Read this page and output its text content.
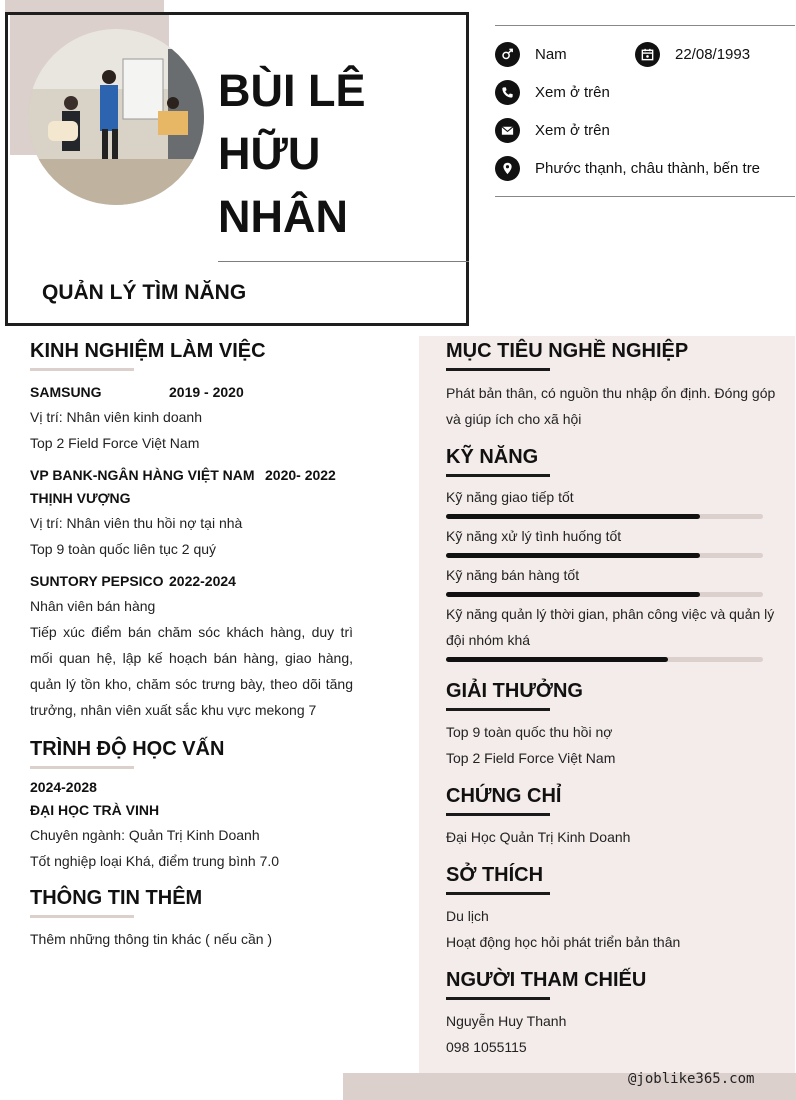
BÙI LÊ
HỮU
NHÂN
QUẢN LÝ TÌM NĂNG
Nam	22/08/1993
Xem ở trên
Xem ở trên
Phước thạnh, châu thành, bến tre
KINH NGHIỆM LÀM VIỆC
SAMSUNG	2019 - 2020
Vị trí: Nhân viên kinh doanh
Top 2 Field Force Việt Nam
VP BANK-NGÂN HÀNG VIỆT NAM THỊNH VƯỢNG
2020- 2022
Vị trí: Nhân viên thu hồi nợ tại nhà
Top 9 toàn quốc liên tục 2 quý
SUNTORY PEPSICO 2022-2024
Nhân viên bán hàng
Tiếp xúc điểm bán chăm sóc khách hàng, duy trì mối quan hệ, lập kế hoạch bán hàng, giao hàng, quản lý tồn kho, chăm sóc trưng bày, theo dõi tăng trưởng, nhân viên xuất sắc khu vực mekong 7
TRÌNH ĐỘ HỌC VẤN
2024-2028
ĐẠI HỌC TRÀ VINH
Chuyên ngành: Quản Trị Kinh Doanh
Tốt nghiệp loại Khá, điểm trung bình 7.0
THÔNG TIN THÊM
Thêm những thông tin khác ( nếu cần )
MỤC TIÊU NGHỀ NGHIỆP
Phát bản thân, có nguồn thu nhập ổn định. Đóng góp và giúp ích cho xã hội
KỸ NĂNG
Kỹ năng giao tiếp tốt
Kỹ năng xử lý tình huống tốt
Kỹ năng bán hàng tốt
Kỹ năng quản lý thời gian, phân công việc và quản lý đội nhóm khá
GIẢI THƯỞNG
Top 9 toàn quốc thu hồi nợ
Top 2 Field Force Việt Nam
CHỨNG CHỈ
Đại Học Quản Trị Kinh Doanh
SỞ THÍCH
Du lịch
Hoạt động học hỏi phát triển bản thân
NGƯỜI THAM CHIẾU
Nguyễn Huy Thanh
098 1055115
@joblike365.com
